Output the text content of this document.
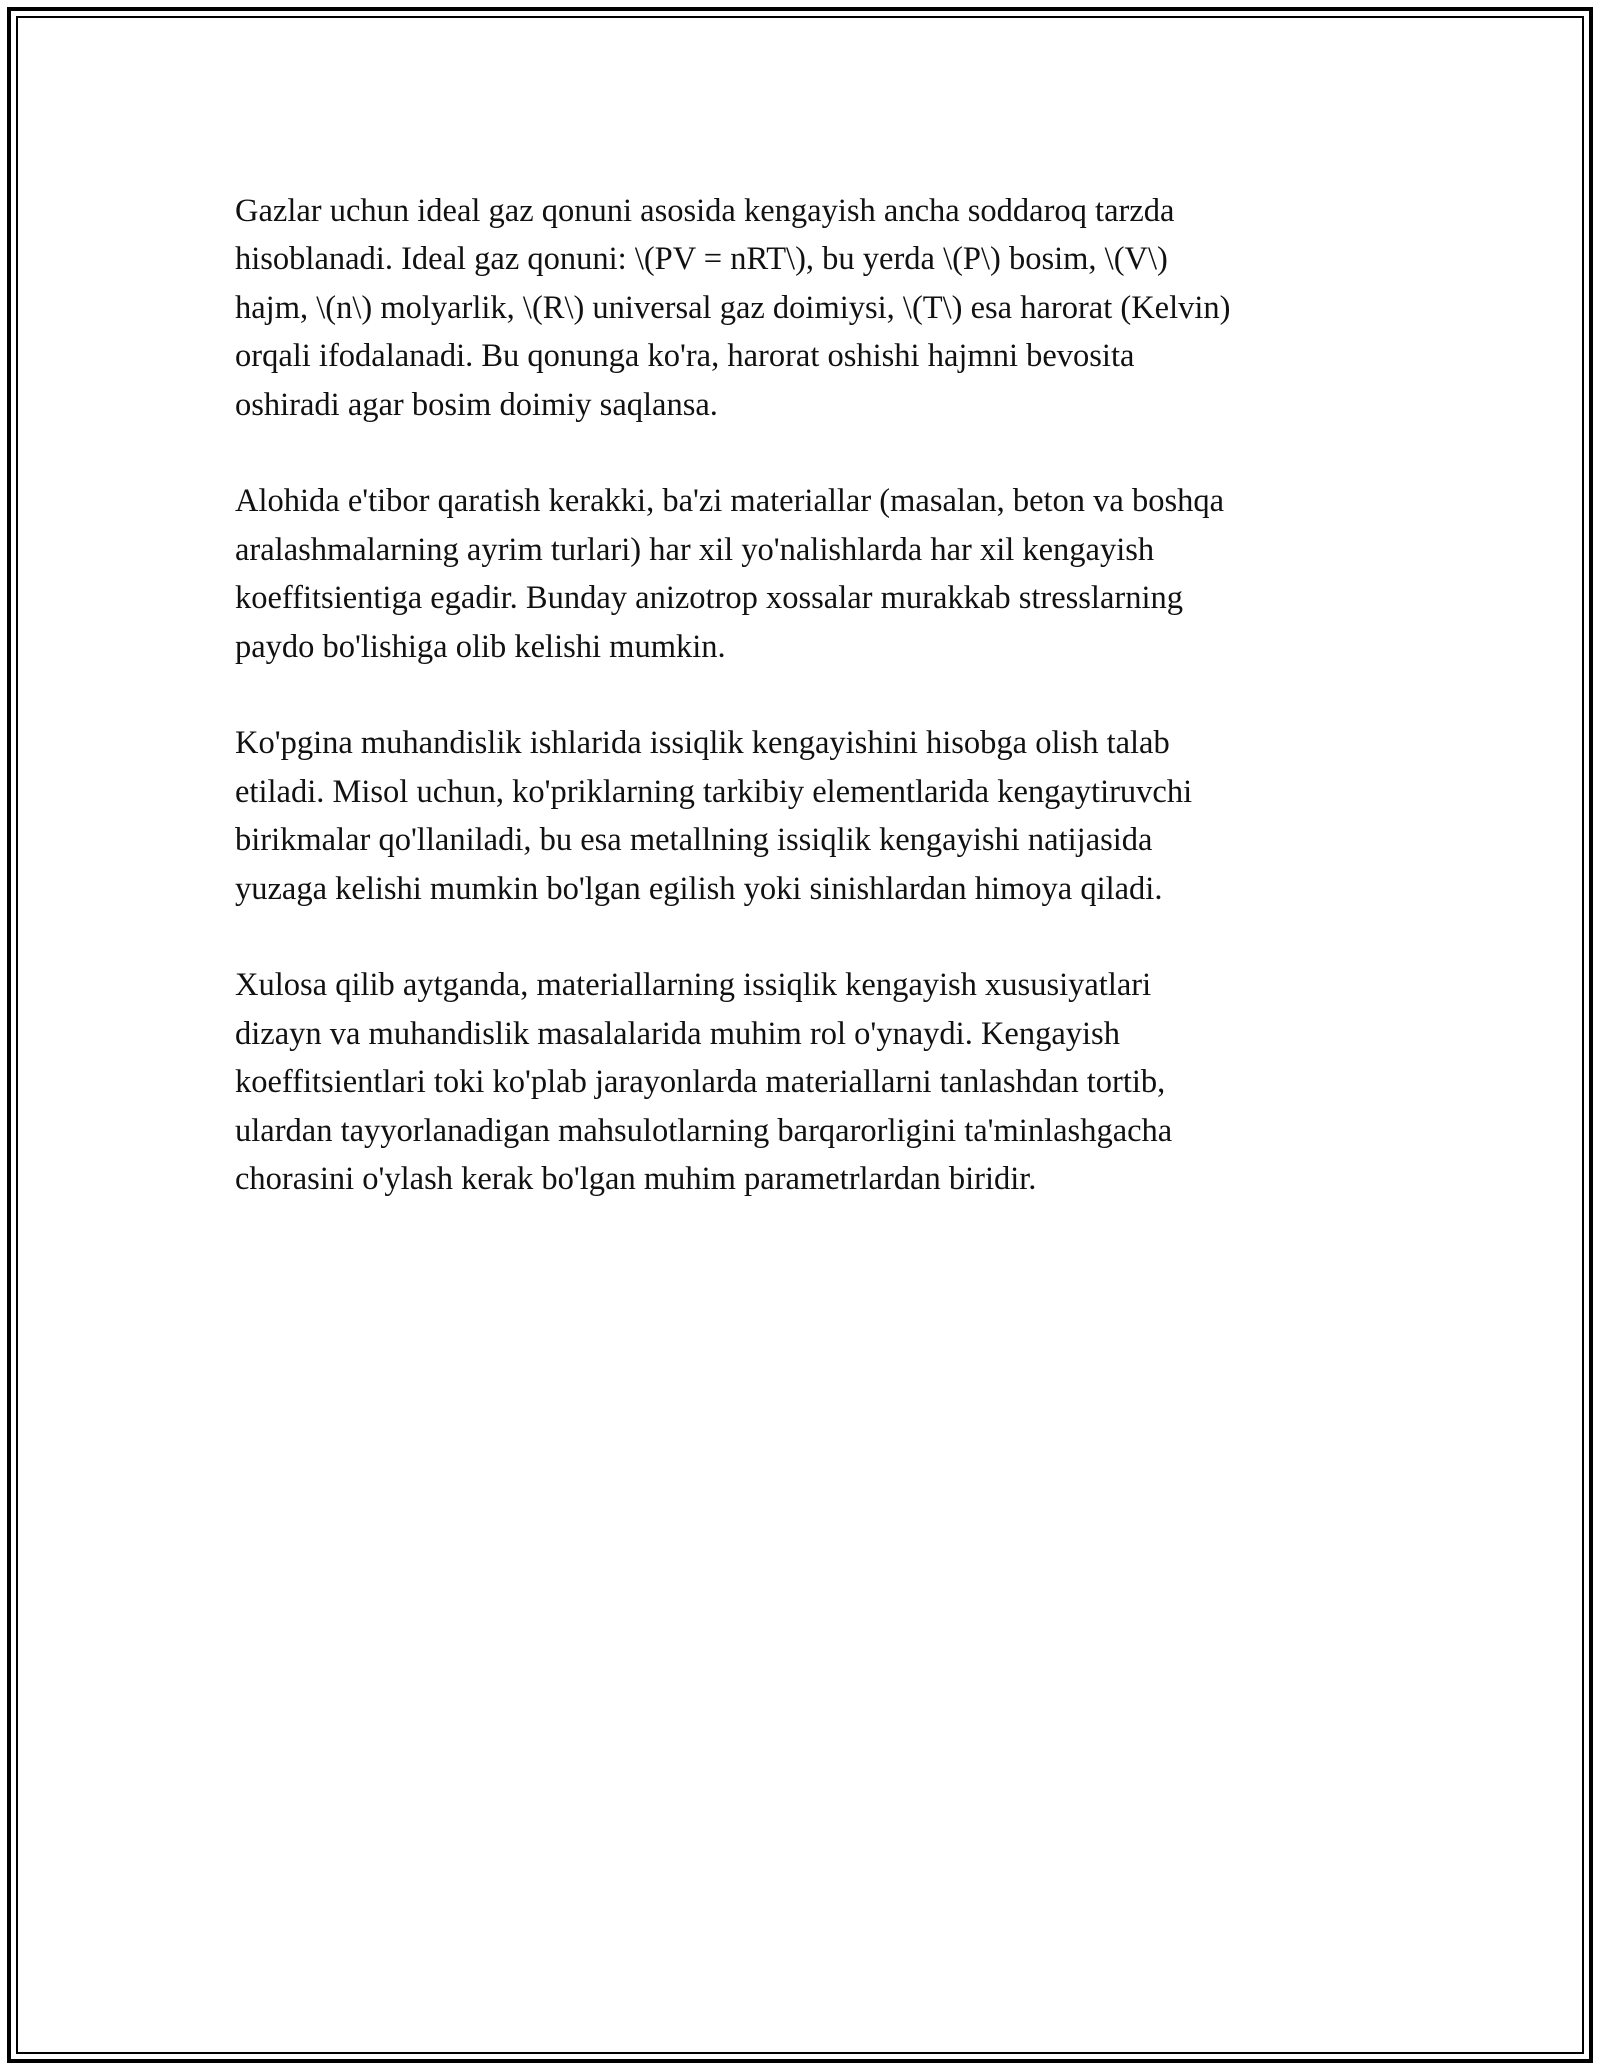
Gazlar uchun ideal gaz qonuni asosida kengayish ancha soddaroq tarzda
hisoblanadi. Ideal gaz qonuni: \(PV = nRT\), bu yerda \(P\) bosim, \(V\)
hajm, \(n\) molyarlik, \(R\) universal gaz doimiysi, \(T\) esa harorat (Kelvin)
orqali ifodalanadi. Bu qonunga ko'ra, harorat oshishi hajmni bevosita
oshiradi agar bosim doimiy saqlansa.

Alohida e'tibor qaratish kerakki, ba'zi materiallar (masalan, beton va boshqa
aralashmalarning ayrim turlari) har xil yo'nalishlarda har xil kengayish
koeffitsientiga egadir. Bunday anizotrop xossalar murakkab stresslarning
paydo bo'lishiga olib kelishi mumkin.

Ko'pgina muhandislik ishlarida issiqlik kengayishini hisobga olish talab
etiladi. Misol uchun, ko'priklarning tarkibiy elementlarida kengaytiruvchi
birikmalar qo'llaniladi, bu esa metallning issiqlik kengayishi natijasida
yuzaga kelishi mumkin bo'lgan egilish yoki sinishlardan himoya qiladi.

Xulosa qilib aytganda, materiallarning issiqlik kengayish xususiyatlari
dizayn va muhandislik masalalarida muhim rol o'ynaydi. Kengayish
koeffitsientlari toki ko'plab jarayonlarda materiallarni tanlashdan tortib,
ulardan tayyorlanadigan mahsulotlarning barqarorligini ta'minlashgacha
chorasini o'ylash kerak bo'lgan muhim parametrlardan biridir.
